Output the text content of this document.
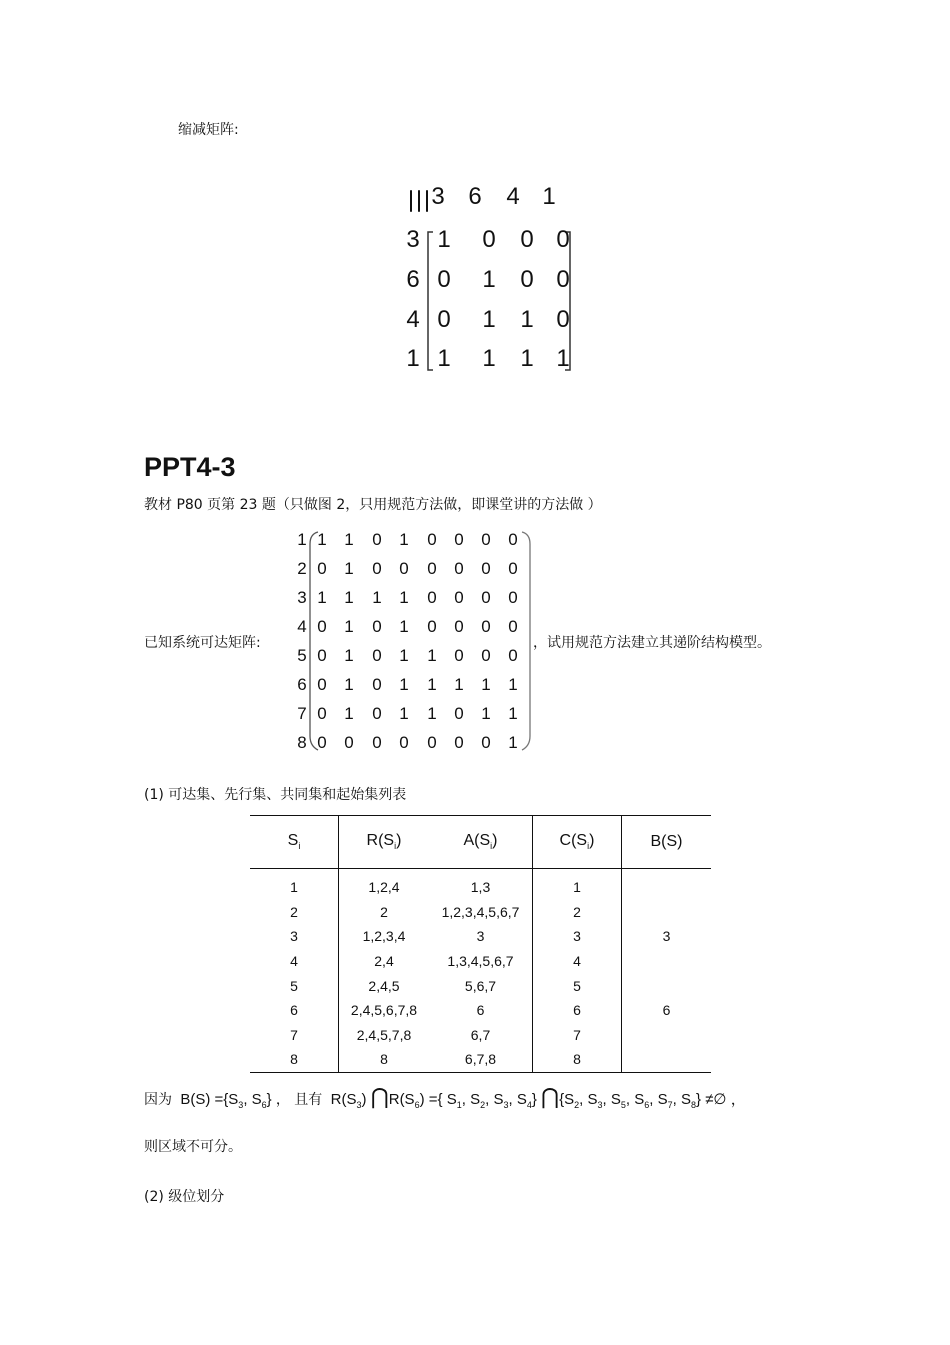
缩减矩阵:
3 6 4 1
3 1 0 0 0
6 0 1 0 0
4 0 1 1 0
1 1 1 1 1
PPT4-3
教材 P80 页第 23 题（只做图 2，只用规范方法做，即课堂讲的方法做 ）
已知系统可达矩阵:
1 1 1 0 1 0 0 0 0
2 0 1 0 0 0 0 0 0
3 1 1 1 1 0 0 0 0
4 0 1 0 1 0 0 0 0
5 0 1 0 1 1 0 0 0
6 0 1 0 1 1 1 1 1
7 0 1 0 1 1 0 1 1
8 0 0 0 0 0 0 0 1
，试用规范方法建立其递阶结构模型。
(1) 可达集、先行集、共同集和起始集列表
$S_i$	$R(S_i)$	$A(S_i)$	$C(S_i)$	B(S)
1	1,2,4	1,3	1	
2	2	1,2,3,4,5,6,7	2	
3	1,2,3,4	3	3	3
4	2,4	1,3,4,5,6,7	4	
5	2,4,5	5,6,7	5	
6	2,4,5,6,7,8	6	6	6
7	2,4,5,7,8	6,7	7	
8	8	6,7,8	8	
因为 $B(S) =\{S_3$, $S_6$} ， 且有 $R(S_3)$ $⋂R(S_6)$ ={ $S_1$, $S_2$, $S_3$, $S_4$} $⋂\{S_2$, $S_3$, $S_5$, $S_6$, $S_7$, $S_8$} ≠∅ ，
则区域不可分。
(2) 级位划分
